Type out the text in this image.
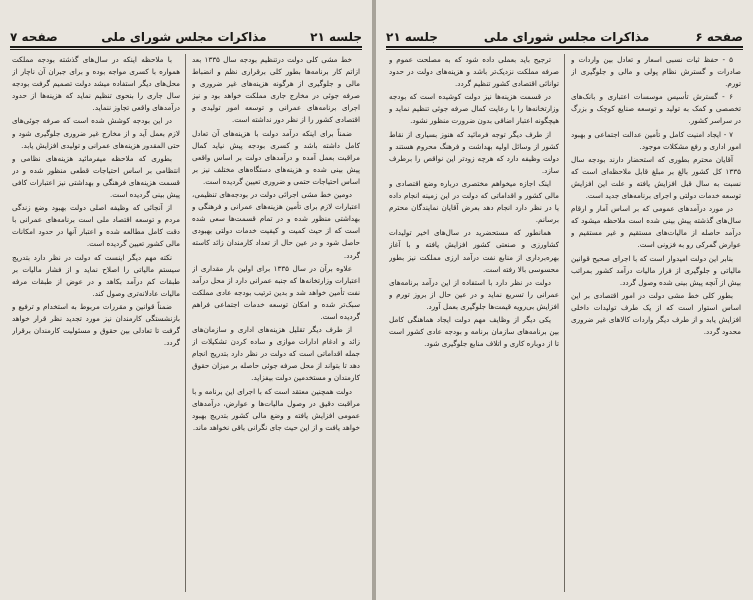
جلسه ۲۱
مذاکرات مجلس شورای ملی
صفحه ۷

خط مشی کلی دولت درتنظیم بودجه سال ۱۳۳۵ بعد ازاتم کار برنامه‌ها بطور کلی برقراری نظم و انضباط مالی و جلوگیری از هرگونه هزینه‌های غیر ضروری و صرفه جوئی در مخارج جاری مملکت خواهد بود و نیز اجرای برنامه‌های عمرانی و توسعه امور تولیدی و اقتصادی کشور را از نظر دور نداشته است.

ضمناً برای اینکه درآمد دولت با هزینه‌های آن تعادل کامل داشته باشد و کسری بودجه پیش نیاید کمال مراقبت بعمل آمده و درآمدهای دولت بر اساس واقعی پیش بینی شده و هزینه‌های دستگاه‌های مختلف نیز بر اساس احتیاجات حتمی و ضروری تعیین گردیده است.

دومین خط مشی اجرائی دولت در بودجه‌های تنظیمی، اعتبارات لازم برای تأمین هزینه‌های عمرانی و فرهنگی و بهداشتی منظور شده و در تمام قسمت‌ها سعی شده است که از حیث کمیت و کیفیت خدمات دولتی بهبودی حاصل شود و در عین حال از تعداد کارمندان زائد کاسته گردد.

علاوه برآن در سال ۱۳۳۵ برای اولین بار مقداری از اعتبارات وزارتخانه‌ها که جنبه عمرانی دارد از محل درآمد نفت تأمین خواهد شد و بدین ترتیب بودجه عادی مملکت سبک‌تر شده و امکان توسعه خدمات اجتماعی فراهم گردیده است.

از طرف دیگر تقلیل هزینه‌های اداری و سازمان‌های زائد و ادغام ادارات موازی و ساده کردن تشکیلات از جمله اقداماتی است که دولت در نظر دارد بتدریج انجام دهد تا بتواند از محل صرفه جوئی حاصله بر میزان حقوق کارمندان و مستخدمین دولت بیفزاید.

دولت همچنین معتقد است که با اجرای این برنامه و با مراقبت دقیق در وصول مالیات‌ها و عوارض، درآمدهای عمومی افزایش یافته و وضع مالی کشور بتدریج بهبود خواهد یافت و از این حیث جای نگرانی باقی نخواهد ماند.

با ملاحظه اینکه در سال‌های گذشته بودجه مملکت همواره با کسری مواجه بوده و برای جبران آن ناچار از محل‌های دیگر استفاده میشد دولت تصمیم گرفت بودجه سال جاری را بنحوی تنظیم نماید که هزینه‌ها از حدود درآمدهای واقعی تجاوز ننماید.

در این بودجه کوشش شده است که صرفه جوئی‌های لازم بعمل آید و از مخارج غیر ضروری جلوگیری شود و حتی المقدور هزینه‌های عمرانی و تولیدی افزایش یابد.

بطوری که ملاحظه میفرمائید هزینه‌های نظامی و انتظامی بر اساس احتیاجات قطعی منظور شده و در قسمت هزینه‌های فرهنگی و بهداشتی نیز اعتبارات کافی پیش بینی گردیده است.

از آنجائی که وظیفه اصلی دولت بهبود وضع زندگی مردم و توسعه اقتصاد ملی است برنامه‌های عمرانی با دقت کامل مطالعه شده و اعتبار آنها در حدود امکانات مالی کشور تعیین گردیده است.

نکته مهم دیگر اینست که دولت در نظر دارد بتدریج سیستم مالیاتی را اصلاح نماید و از فشار مالیات بر طبقات کم درآمد بکاهد و در عوض از طبقات مرفه مالیات عادلانه‌تری وصول کند.

ضمناً قوانین و مقررات مربوط به استخدام و ترفیع و بازنشستگی کارمندان نیز مورد تجدید نظر قرار خواهد گرفت تا تعادلی بین حقوق و مسئولیت کارمندان برقرار گردد.

صفحه ۶
مذاکرات مجلس شورای ملی
جلسه ۲۱

۵ - حفظ ثبات نسبی اسعار و تعادل بین واردات و صادرات و گسترش نظام پولی و مالی و جلوگیری از تورم.

۶ - گسترش تأسیس موسسات اعتباری و بانک‌های تخصصی و کمک به تولید و توسعه صنایع کوچک و بزرگ در سراسر کشور.

۷ - ایجاد امنیت کامل و تأمین عدالت اجتماعی و بهبود امور اداری و رفع مشکلات موجود.

آقایان محترم بطوری که استحضار دارند بودجه سال ۱۳۳۵ کل کشور بالغ بر مبلغ قابل ملاحظه‌ای است که نسبت به سال قبل افزایش یافته و علت این افزایش توسعه خدمات دولتی و اجرای برنامه‌های جدید است.

در مورد درآمدهای عمومی که بر اساس آمار و ارقام سال‌های گذشته پیش بینی شده است ملاحظه میشود که درآمد حاصله از مالیات‌های مستقیم و غیر مستقیم و عوارض گمرکی رو به فزونی است.

بنابر این دولت امیدوار است که با اجرای صحیح قوانین مالیاتی و جلوگیری از فرار مالیات درآمد کشور بمراتب بیش از آنچه پیش بینی شده وصول گردد.

بطور کلی خط مشی دولت در امور اقتصادی بر این اساس استوار است که از یک طرف تولیدات داخلی افزایش یابد و از طرف دیگر واردات کالاهای غیر ضروری محدود گردد.

ترجیح باید بعملی داده شود که به مصلحت عموم و صرفه مملکت نزدیک‌تر باشد و هزینه‌های دولت در حدود توانائی اقتصادی کشور تنظیم گردد.

در قسمت هزینه‌ها نیز دولت کوشیده است که بودجه وزارتخانه‌ها را با رعایت کمال صرفه جوئی تنظیم نماید و هیچگونه اعتبار اضافی بدون ضرورت منظور نشود.

از طرف دیگر توجه فرمائید که هنوز بسیاری از نقاط کشور از وسائل اولیه بهداشت و فرهنگ محروم هستند و دولت وظیفه دارد که هرچه زودتر این نواقص را برطرف سازد.

اینک اجازه میخواهم مختصری درباره وضع اقتصادی و مالی کشور و اقداماتی که دولت در این زمینه انجام داده یا در نظر دارد انجام دهد بعرض آقایان نمایندگان محترم برسانم.

همانطور که مستحضرید در سال‌های اخیر تولیدات کشاورزی و صنعتی کشور افزایش یافته و با آغاز بهره‌برداری از منابع نفت درآمد ارزی مملکت نیز بطور محسوسی بالا رفته است.

دولت در نظر دارد با استفاده از این درآمد برنامه‌های عمرانی را تسریع نماید و در عین حال از بروز تورم و افزایش بی‌رویه قیمت‌ها جلوگیری بعمل آورد.

یکی دیگر از وظایف مهم دولت ایجاد هماهنگی کامل بین برنامه‌های سازمان برنامه و بودجه عادی کشور است تا از دوباره کاری و اتلاف منابع جلوگیری شود.
